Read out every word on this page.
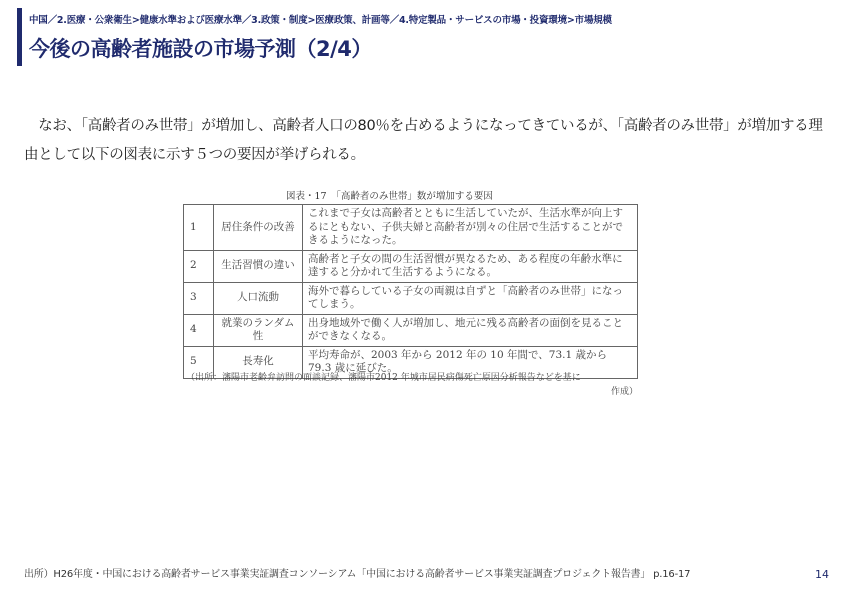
中国／2.医療・公衆衛生>健康水準および医療水準／3.政策・制度>医療政策、計画等／4.特定製品・サービスの市場・投資環境>市場規模
今後の高齢者施設の市場予測（2/4）

　なお、「高齢者のみ世帯」が増加し、高齢者人口の80％を占めるようになってきているが、「高齢者のみ世帯」が増加する理由として以下の図表に示す５つの要因が挙げられる。

図表・17　「高齢者のみ世帯」数が増加する要因
1	居住条件の改善	これまで子女は高齢者とともに生活していたが、生活水準が向上するにともない、子供夫婦と高齢者が別々の住居で生活することができるようになった。
2	生活習慣の違い	高齢者と子女の間の生活習慣が異なるため、ある程度の年齢水準に達すると分かれて生活するようになる。
3	人口流動	海外で暮らしている子女の両親は自ずと「高齢者のみ世帯」になってしまう。
4	就業のランダム性	出身地域外で働く人が増加し、地元に残る高齢者の面倒を見ることができなくなる。
5	長寿化	平均寿命が、2003 年から 2012 年の 10 年間で、73.1 歳から 79.3 歳に延びた。
（出所：瀋陽市老齢弁訪問の面談記録、瀋陽市2012 年城市居民病傷死亡原因分析報告などを基に
作成）
出所）H26年度・中国における高齢者サービス事業実証調査コンソーシアム「中国における高齢者サービス事業実証調査プロジェクト報告書」 p.16-17	14
